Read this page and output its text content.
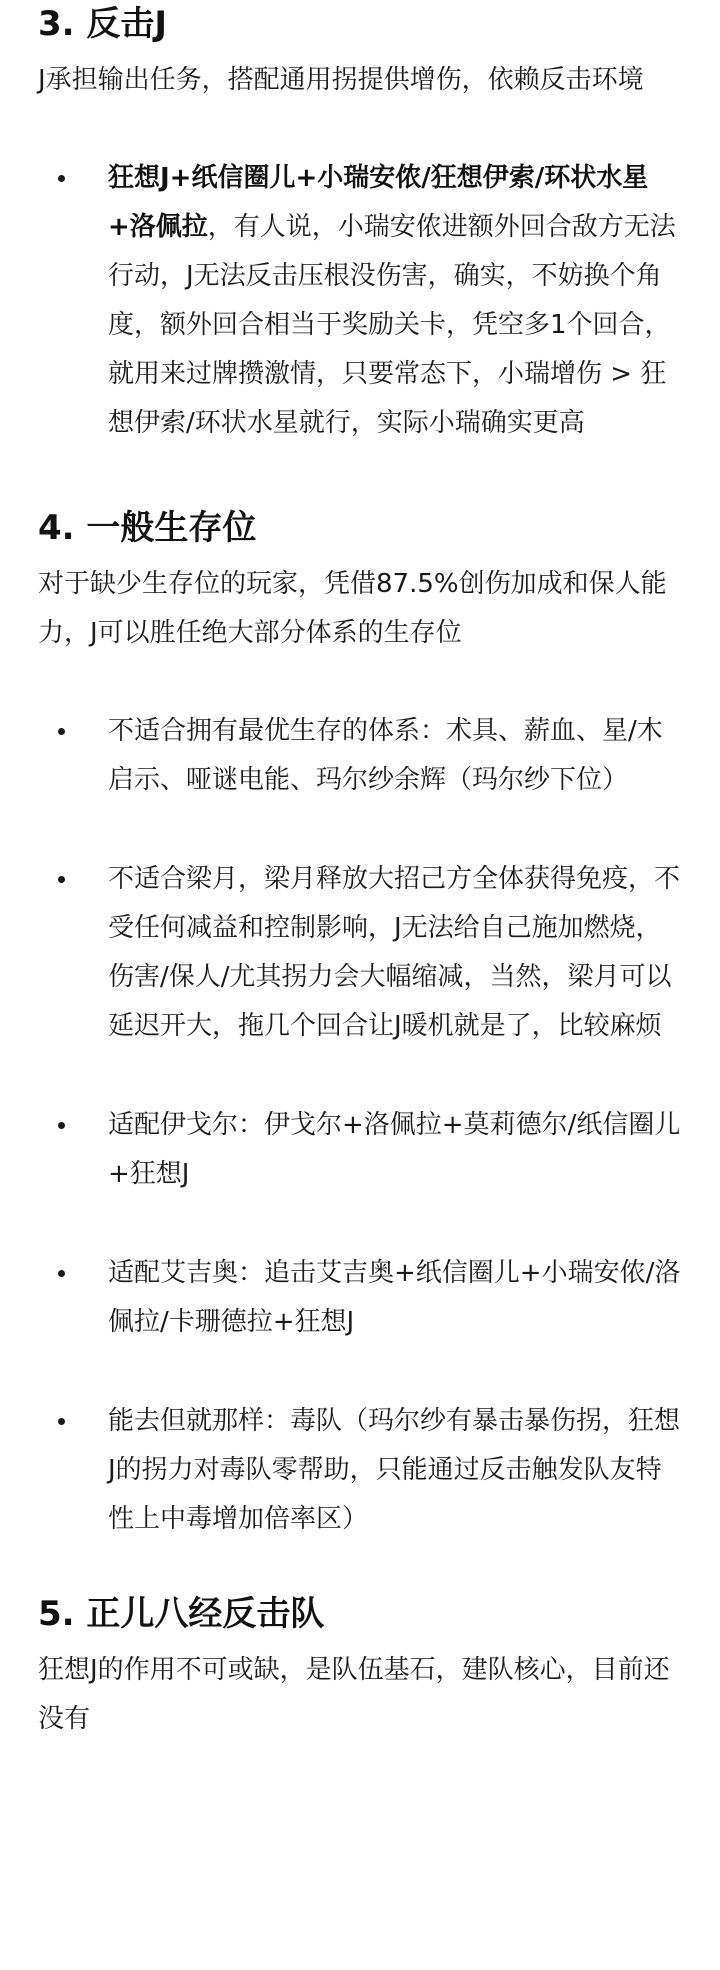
3. 反击J

J承担输出任务，搭配通用拐提供增伤，依赖反击环境

狂想J+纸信圈儿+小瑞安侬/狂想伊索/环状水星+洛佩拉，有人说，小瑞安侬进额外回合敌方无法行动，J无法反击压根没伤害，确实，不妨换个角度，额外回合相当于奖励关卡，凭空多1个回合，就用来过牌攒激情，只要常态下，小瑞增伤 > 狂想伊索/环状水星就行，实际小瑞确实更高
4. 一般生存位

对于缺少生存位的玩家，凭借87.5%创伤加成和保人能力，J可以胜任绝大部分体系的生存位

不适合拥有最优生存的体系：术具、薪血、星/木启示、哑谜电能、玛尔纱余辉（玛尔纱下位）
不适合梁月，梁月释放大招己方全体获得免疫，不受任何减益和控制影响，J无法给自己施加燃烧，伤害/保人/尤其拐力会大幅缩减，当然，梁月可以延迟开大，拖几个回合让J暖机就是了，比较麻烦
适配伊戈尔：伊戈尔+洛佩拉+莫莉德尔/纸信圈儿+狂想J
适配艾吉奥：追击艾吉奥+纸信圈儿+小瑞安侬/洛佩拉/卡珊德拉+狂想J
能去但就那样：毒队（玛尔纱有暴击暴伤拐，狂想J的拐力对毒队零帮助，只能通过反击触发队友特性上中毒增加倍率区）
5. 正儿八经反击队

狂想J的作用不可或缺，是队伍基石，建队核心，目前还没有
